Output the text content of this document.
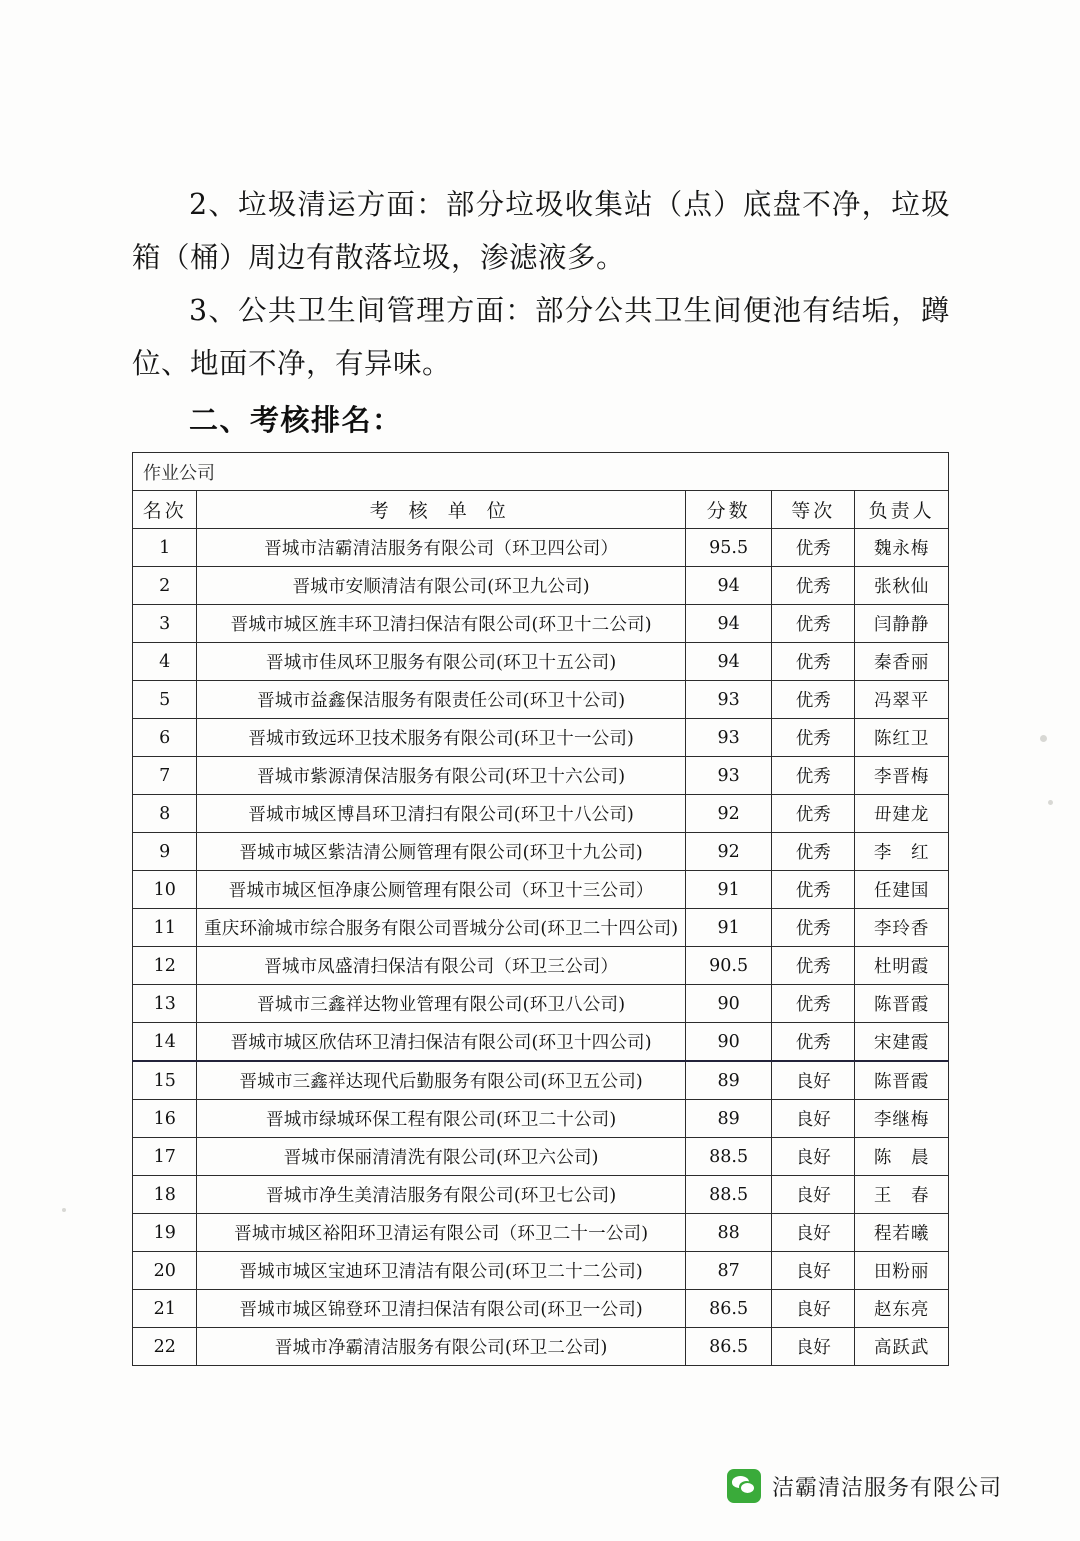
2、垃圾清运方面：部分垃圾收集站（点）底盘不净，垃圾箱（桶）周边有散落垃圾，渗滤液多。

3、公共卫生间管理方面：部分公共卫生间便池有结垢，蹲位、地面不净，有异味。

二、考核排名：

作业公司				
名次	考 核 单 位	分数	等次	负责人
1	晋城市洁霸清洁服务有限公司（环卫四公司）	95.5	优秀	魏永梅
2	晋城市安顺清洁有限公司(环卫九公司)	94	优秀	张秋仙
3	晋城市城区旌丰环卫清扫保洁有限公司(环卫十二公司)	94	优秀	闫静静
4	晋城市佳凤环卫服务有限公司(环卫十五公司)	94	优秀	秦香丽
5	晋城市益鑫保洁服务有限责任公司(环卫十公司)	93	优秀	冯翠平
6	晋城市致远环卫技术服务有限公司(环卫十一公司)	93	优秀	陈红卫
7	晋城市紫源清保洁服务有限公司(环卫十六公司)	93	优秀	李晋梅
8	晋城市城区博昌环卫清扫有限公司(环卫十八公司)	92	优秀	毌建龙
9	晋城市城区紫洁清公厕管理有限公司(环卫十九公司)	92	优秀	李 红
10	晋城市城区恒净康公厕管理有限公司（环卫十三公司）	91	优秀	任建国
11	重庆环渝城市综合服务有限公司晋城分公司(环卫二十四公司)	91	优秀	李玲香
12	晋城市凤盛清扫保洁有限公司（环卫三公司）	90.5	优秀	杜明霞
13	晋城市三鑫祥达物业管理有限公司(环卫八公司)	90	优秀	陈晋霞
14	晋城市城区欣佶环卫清扫保洁有限公司(环卫十四公司)	90	优秀	宋建霞
15	晋城市三鑫祥达现代后勤服务有限公司(环卫五公司)	89	良好	陈晋霞
16	晋城市绿城环保工程有限公司(环卫二十公司)	89	良好	李继梅
17	晋城市保丽清清洗有限公司(环卫六公司)	88.5	良好	陈 晨
18	晋城市净生美清洁服务有限公司(环卫七公司)	88.5	良好	王 春
19	晋城市城区裕阳环卫清运有限公司（环卫二十一公司)	88	良好	程若曦
20	晋城市城区宝迪环卫清洁有限公司(环卫二十二公司)	87	良好	田粉丽
21	晋城市城区锦登环卫清扫保洁有限公司(环卫一公司)	86.5	良好	赵东亮
22	晋城市净霸清洁服务有限公司(环卫二公司)	86.5	良好	高跃武
洁霸清洁服务有限公司
